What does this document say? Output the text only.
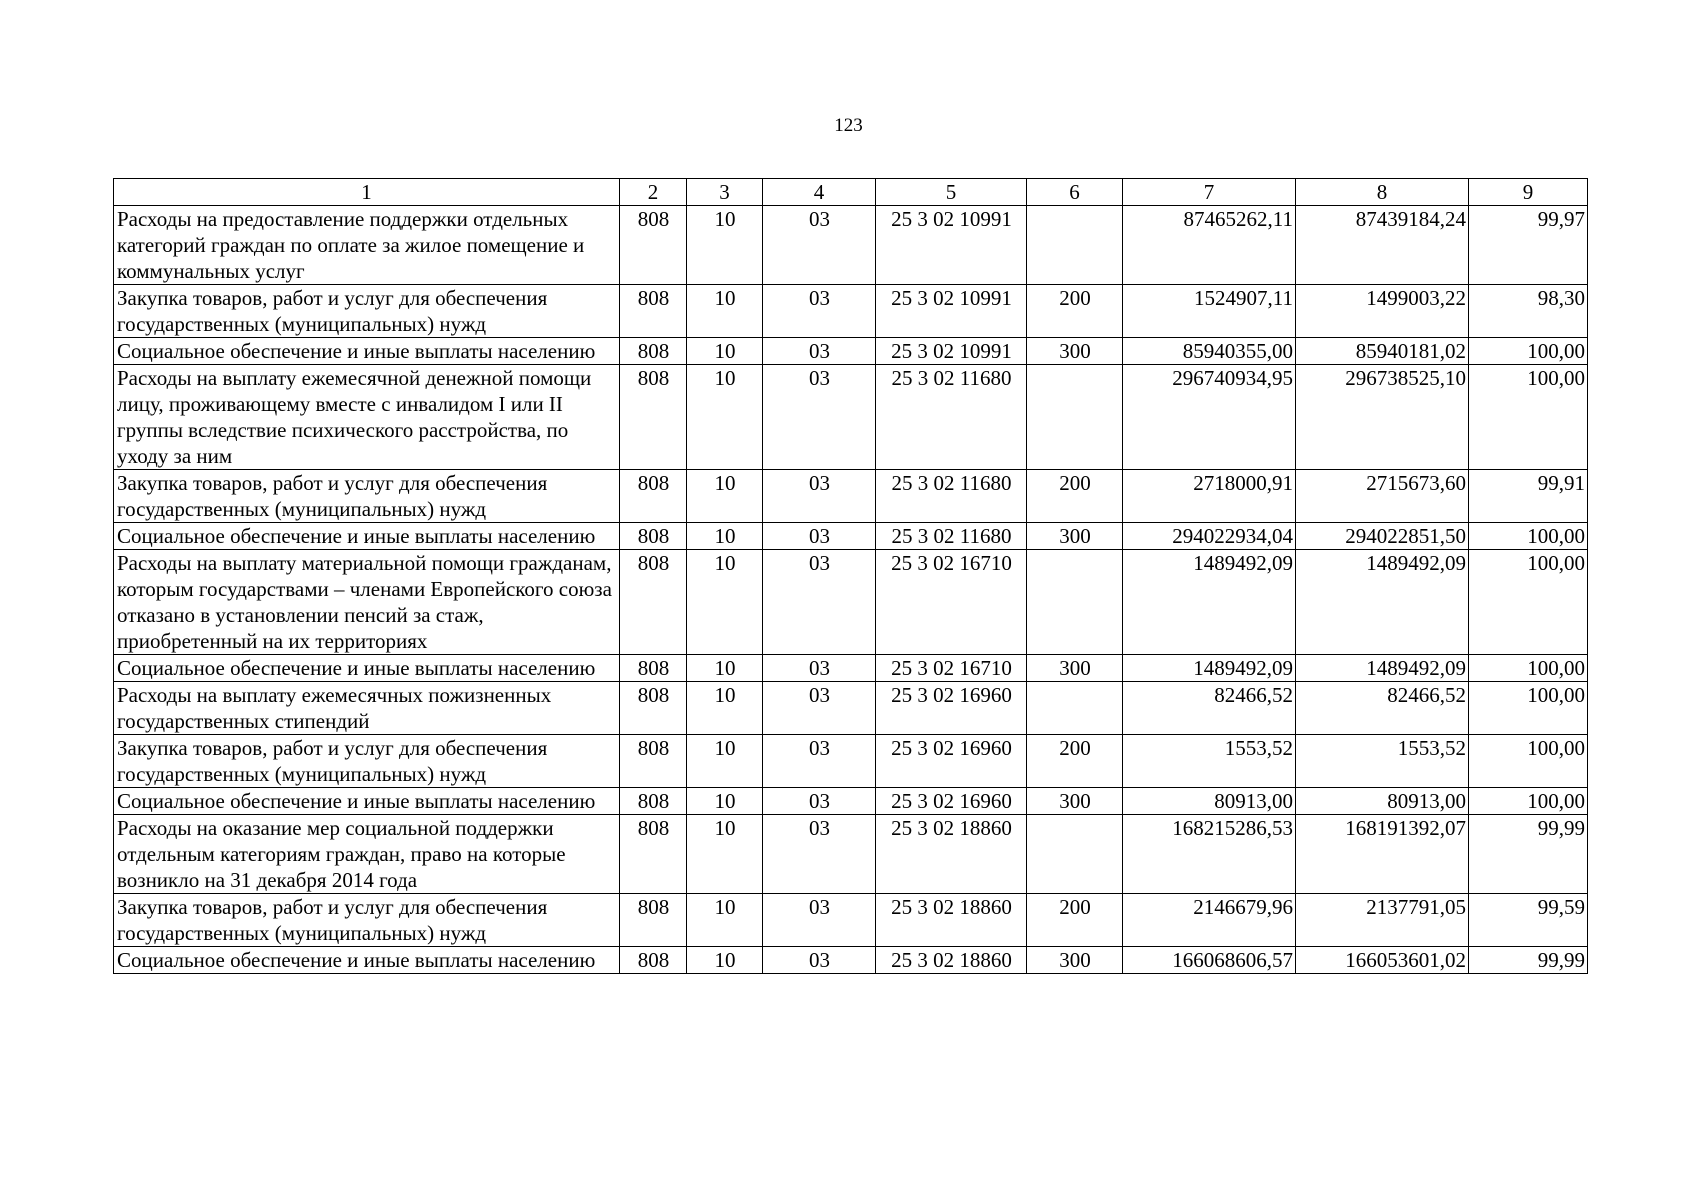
123
1	2	3	4	5	6	7	8	9
Расходы на предоставление поддержки отдельных категорий граждан по оплате за жилое помещение и коммунальных услуг	808	10	03	25 3 02 10991		87465262,11	87439184,24	99,97
Закупка товаров, работ и услуг для обеспечения государственных (муниципальных) нужд	808	10	03	25 3 02 10991	200	1524907,11	1499003,22	98,30
Социальное обеспечение и иные выплаты населению	808	10	03	25 3 02 10991	300	85940355,00	85940181,02	100,00
Расходы на выплату ежемесячной денежной помощи лицу, проживающему вместе с инвалидом I или II группы вследствие психического расстройства, по уходу за ним	808	10	03	25 3 02 11680		296740934,95	296738525,10	100,00
Закупка товаров, работ и услуг для обеспечения государственных (муниципальных) нужд	808	10	03	25 3 02 11680	200	2718000,91	2715673,60	99,91
Социальное обеспечение и иные выплаты населению	808	10	03	25 3 02 11680	300	294022934,04	294022851,50	100,00
Расходы на выплату материальной помощи гражданам, которым государствами – членами Европейского союза отказано в установлении пенсий за стаж, приобретенный на их территориях	808	10	03	25 3 02 16710		1489492,09	1489492,09	100,00
Социальное обеспечение и иные выплаты населению	808	10	03	25 3 02 16710	300	1489492,09	1489492,09	100,00
Расходы на выплату ежемесячных пожизненных государственных стипендий	808	10	03	25 3 02 16960		82466,52	82466,52	100,00
Закупка товаров, работ и услуг для обеспечения государственных (муниципальных) нужд	808	10	03	25 3 02 16960	200	1553,52	1553,52	100,00
Социальное обеспечение и иные выплаты населению	808	10	03	25 3 02 16960	300	80913,00	80913,00	100,00
Расходы на оказание мер социальной поддержки отдельным категориям граждан, право на которые возникло на 31 декабря 2014 года	808	10	03	25 3 02 18860		168215286,53	168191392,07	99,99
Закупка товаров, работ и услуг для обеспечения государственных (муниципальных) нужд	808	10	03	25 3 02 18860	200	2146679,96	2137791,05	99,59
Социальное обеспечение и иные выплаты населению	808	10	03	25 3 02 18860	300	166068606,57	166053601,02	99,99
